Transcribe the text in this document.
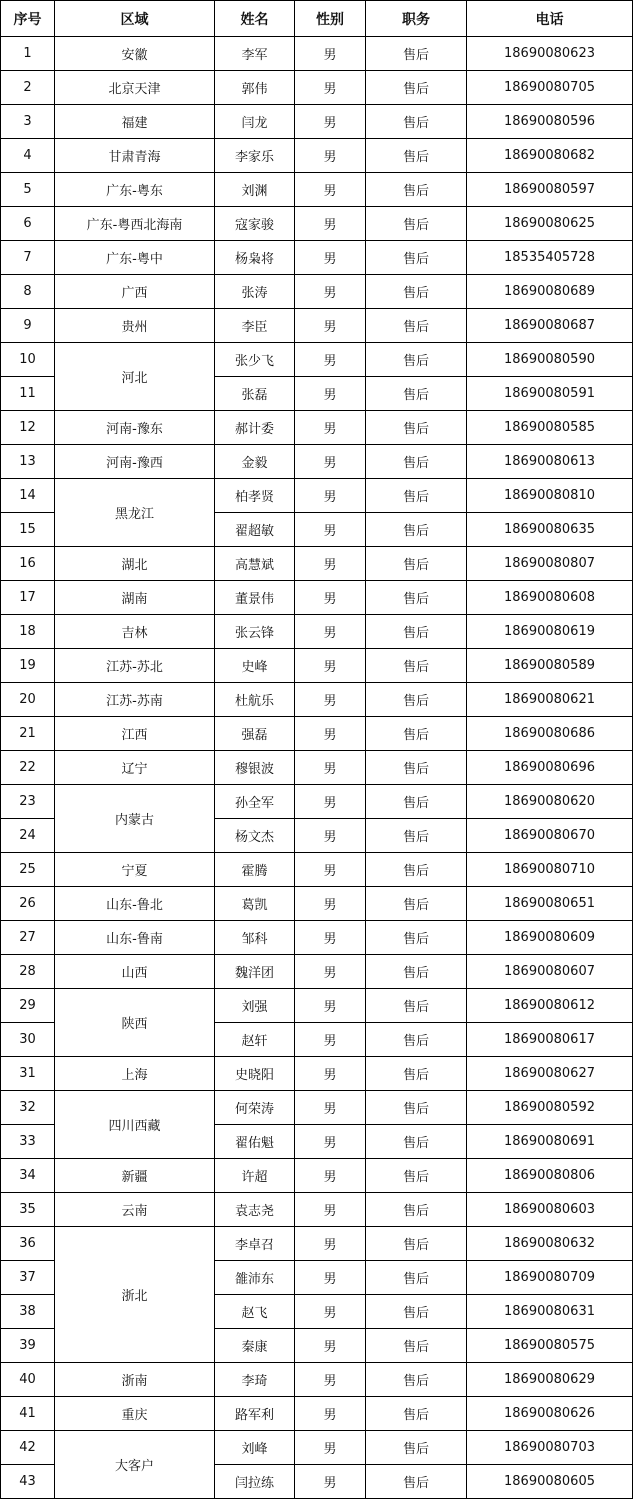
序号	区域	姓名	性别	职务	电话
1	安徽	李军	男	售后	18690080623
2	北京天津	郭伟	男	售后	18690080705
3	福建	闫龙	男	售后	18690080596
4	甘肃青海	李家乐	男	售后	18690080682
5	广东-粤东	刘渊	男	售后	18690080597
6	广东-粤西北海南	寇家骏	男	售后	18690080625
7	广东-粤中	杨枭将	男	售后	18535405728
8	广西	张涛	男	售后	18690080689
9	贵州	李臣	男	售后	18690080687
10	河北	张少飞	男	售后	18690080590
11		张磊	男	售后	18690080591
12	河南-豫东	郝计委	男	售后	18690080585
13	河南-豫西	金毅	男	售后	18690080613
14	黑龙江	柏孝贤	男	售后	18690080810
15		翟超敏	男	售后	18690080635
16	湖北	高慧斌	男	售后	18690080807
17	湖南	董景伟	男	售后	18690080608
18	吉林	张云锋	男	售后	18690080619
19	江苏-苏北	史峰	男	售后	18690080589
20	江苏-苏南	杜航乐	男	售后	18690080621
21	江西	强磊	男	售后	18690080686
22	辽宁	穆银波	男	售后	18690080696
23	内蒙古	孙全军	男	售后	18690080620
24		杨文杰	男	售后	18690080670
25	宁夏	霍腾	男	售后	18690080710
26	山东-鲁北	葛凯	男	售后	18690080651
27	山东-鲁南	邹科	男	售后	18690080609
28	山西	魏洋团	男	售后	18690080607
29	陕西	刘强	男	售后	18690080612
30		赵轩	男	售后	18690080617
31	上海	史晓阳	男	售后	18690080627
32	四川西藏	何荣涛	男	售后	18690080592
33		翟佑魁	男	售后	18690080691
34	新疆	许超	男	售后	18690080806
35	云南	袁志尧	男	售后	18690080603
36	浙北	李卓召	男	售后	18690080632
37		雒沛东	男	售后	18690080709
38		赵飞	男	售后	18690080631
39		秦康	男	售后	18690080575
40	浙南	李琦	男	售后	18690080629
41	重庆	路军利	男	售后	18690080626
42	大客户	刘峰	男	售后	18690080703
43		闫拉练	男	售后	18690080605
